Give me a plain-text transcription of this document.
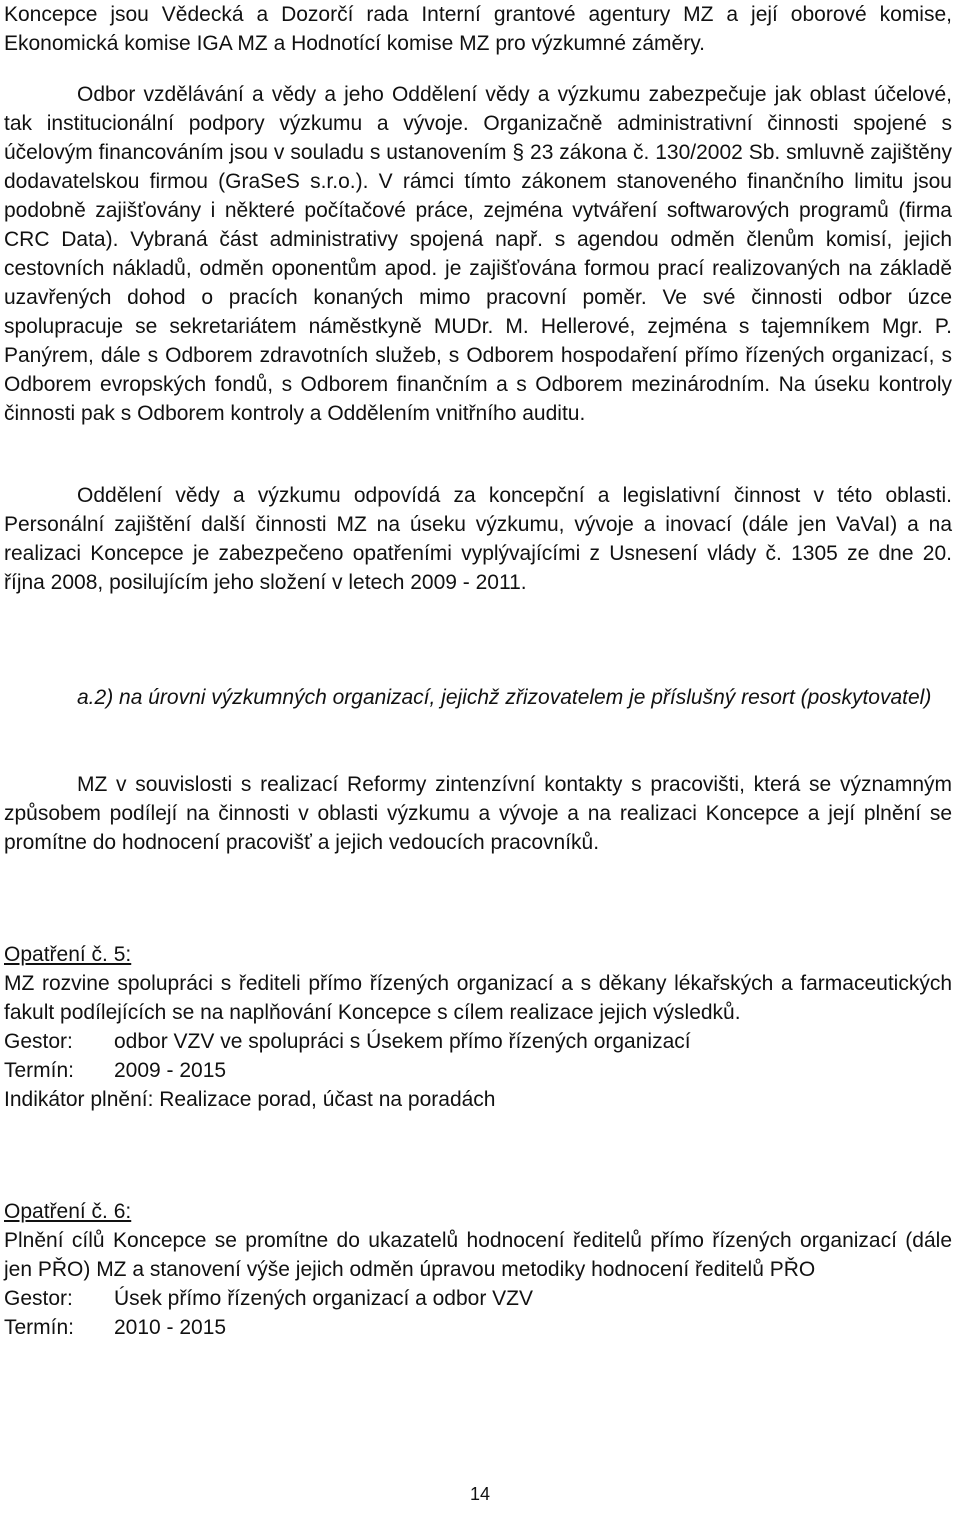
Koncepce jsou Vědecká a Dozorčí rada Interní grantové agentury MZ a její oborové komise, Ekonomická komise IGA MZ a Hodnotící komise MZ pro výzkumné záměry.

Odbor vzdělávání a vědy a jeho Oddělení vědy a výzkumu zabezpečuje jak oblast účelové, tak institucionální podpory výzkumu a vývoje. Organizačně administrativní činnosti spojené s účelovým financováním jsou v souladu s ustanovením § 23 zákona č. 130/2002 Sb. smluvně zajištěny dodavatelskou firmou (GraSeS s.r.o.). V rámci tímto zákonem stanoveného finančního limitu jsou podobně zajišťovány i některé počítačové práce, zejména vytváření softwarových programů (firma CRC Data). Vybraná část administrativy spojená např. s agendou odměn členům komisí, jejich cestovních nákladů, odměn oponentům apod. je zajišťována formou prací realizovaných na základě uzavřených dohod o pracích konaných mimo pracovní poměr. Ve své činnosti odbor úzce spolupracuje se sekretariátem náměstkyně MUDr. M. Hellerové, zejména s tajemníkem Mgr. P. Panýrem, dále s Odborem zdravotních služeb, s Odborem hospodaření přímo řízených organizací, s Odborem evropských fondů, s Odborem finančním a s Odborem mezinárodním. Na úseku kontroly činnosti pak s Odborem kontroly a Oddělením vnitřního auditu.

Oddělení vědy a výzkumu odpovídá za koncepční a legislativní činnost v této oblasti. Personální zajištění další činnosti MZ na úseku výzkumu, vývoje a inovací (dále jen VaVaI) a na realizaci Koncepce je zabezpečeno opatřeními vyplývajícími z Usnesení vlády č. 1305 ze dne 20. října 2008, posilujícím jeho složení v letech 2009 - 2011.

a.2) na úrovni výzkumných organizací, jejichž zřizovatelem je příslušný resort (poskytovatel)

MZ v souvislosti s realizací Reformy zintenzívní kontakty s pracovišti, která se významným způsobem podílejí na činnosti v oblasti výzkumu a vývoje a na realizaci Koncepce a její plnění se promítne do hodnocení pracovišť a jejich vedoucích pracovníků.

Opatření č. 5:

MZ rozvine spolupráci s řediteli přímo řízených organizací a s děkany lékařských a farmaceutických fakult podílejících se na naplňování Koncepce s cílem realizace jejich výsledků.

Gestor: odbor VZV ve spolupráci s Úsekem přímo řízených organizací

Termín: 2009 - 2015

Indikátor plnění: Realizace porad, účast na poradách

Opatření č. 6:

Plnění cílů Koncepce se promítne do ukazatelů hodnocení ředitelů přímo řízených organizací (dále jen PŘO) MZ a stanovení výše jejich odměn úpravou metodiky hodnocení ředitelů PŘO

Gestor: Úsek přímo řízených organizací a odbor VZV

Termín: 2010 - 2015

14
